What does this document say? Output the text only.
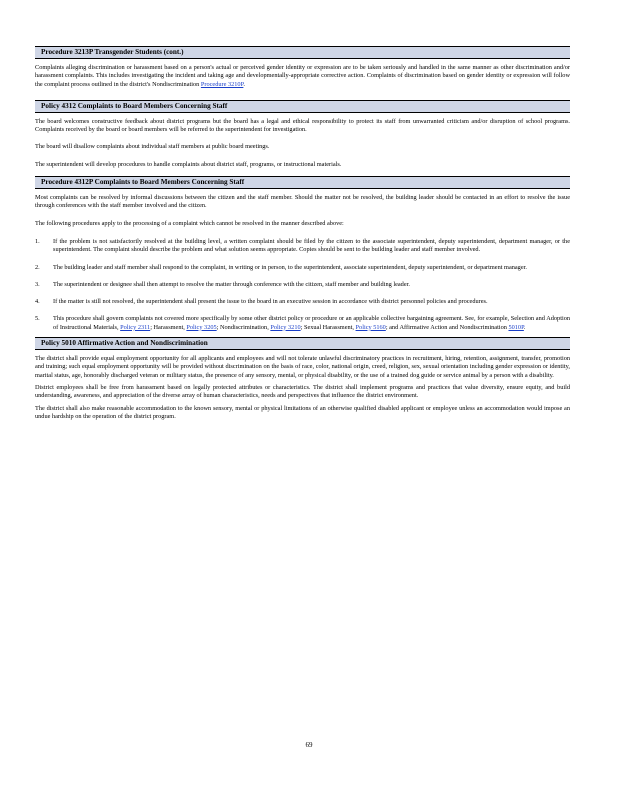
Procedure 3213P Transgender Students (cont.)

Complaints alleging discrimination or harassment based on a person's actual or perceived gender identity or expression are to be taken seriously and handled in the same manner as other discrimination and/or harassment complaints. This includes investigating the incident and taking age and developmentally-appropriate corrective action. Complaints of discrimination based on gender identity or expression will follow the complaint process outlined in the district's Nondiscrimination Procedure 3210P.

Policy 4312 Complaints to Board Members Concerning Staff

The board welcomes constructive feedback about district programs but the board has a legal and ethical responsibility to protect its staff from unwarranted criticism and/or disruption of school programs. Complaints received by the board or board members will be referred to the superintendent for investigation.

The board will disallow complaints about individual staff members at public board meetings.

The superintendent will develop procedures to handle complaints about district staff, programs, or instructional materials.

Procedure 4312P Complaints to Board Members Concerning Staff

Most complaints can be resolved by informal discussions between the citizen and the staff member. Should the matter not be resolved, the building leader should be contacted in an effort to resolve the issue through conferences with the staff member involved and the citizen.

The following procedures apply to the processing of a complaint which cannot be resolved in the manner described above:

1.	If the problem is not satisfactorily resolved at the building level, a written complaint should be filed by the citizen to the associate superintendent, deputy superintendent, department manager, or the superintendent. The complaint should describe the problem and what solution seems appropriate. Copies should be sent to the building leader and staff member involved.
2.	The building leader and staff member shall respond to the complaint, in writing or in person, to the superintendent, associate superintendent, deputy superintendent, or department manager.
3.	The superintendent or designee shall then attempt to resolve the matter through conference with the citizen, staff member and building leader.
4.	If the matter is still not resolved, the superintendent shall present the issue to the board in an executive session in accordance with district personnel policies and procedures.
5.	This procedure shall govern complaints not covered more specifically by some other district policy or procedure or an applicable collective bargaining agreement. See, for example, Selection and Adoption of Instructional Materials, Policy 2311; Harassment, Policy 3205; Nondiscrimination, Policy 3210; Sexual Harassment, Policy 5160; and Affirmative Action and Nondiscrimination 5010P.
Policy 5010 Affirmative Action and Nondiscrimination

The district shall provide equal employment opportunity for all applicants and employees and will not tolerate unlawful discriminatory practices in recruitment, hiring, retention, assignment, transfer, promotion and training; such equal employment opportunity will be provided without discrimination on the basis of race, color, national origin, creed, religion, sex, sexual orientation including gender expression or identity, marital status, age, honorably discharged veteran or military status, the presence of any sensory, mental, or physical disability, or the use of a trained dog guide or service animal by a person with a disability.

District employees shall be free from harassment based on legally protected attributes or characteristics. The district shall implement programs and practices that value diversity, ensure equity, and build understanding, awareness, and appreciation of the diverse array of human characteristics, needs and perspectives that influence the district environment.

The district shall also make reasonable accommodation to the known sensory, mental or physical limitations of an otherwise qualified disabled applicant or employee unless an accommodation would impose an undue hardship on the operation of the district program.

69
